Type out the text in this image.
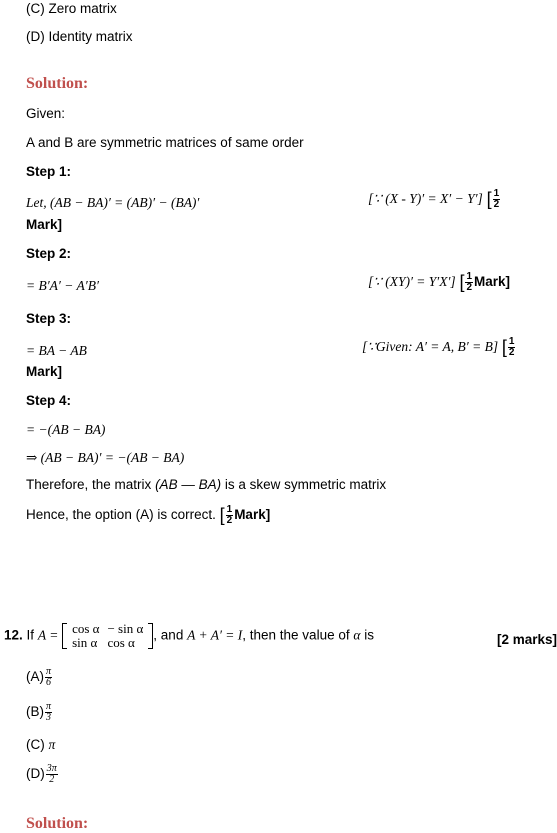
(C) Zero matrix
(D) Identity matrix
Solution:
Given:
A and B are symmetric matrices of same order
Step 1:
Let, (AB − BA)′ = (AB)′ − (BA)′	[∵ (X - Y)′ = X′ − Y′] [ $\frac{1}{2}$
Mark]
Step 2:
= B′A′ − A′B′	[∵ (XY)′ = Y′X′] [ $\frac{1}{2}$ Mark]
Step 3:
= BA − AB	[∵Given: A′ = A, B′ = B] [ $\frac{1}{2}$
Mark]
Step 4:
= −(AB − BA)
⇒ (AB − BA)′ = −(AB − BA)
Therefore, the matrix (AB — BA) is a skew symmetric matrix
Hence, the option (A) is correct. [ $\frac{1}{2}$ Mark]
12. If A = cos α	− sin α
sin α	cos α , and A + A′ = I, then the value of α is	[2 marks]
$(A) \frac{\pi}{6}$
$(B) \frac{\pi}{3}$
(C) π
$(D) \frac{3\pi}{2}$
Solution:
